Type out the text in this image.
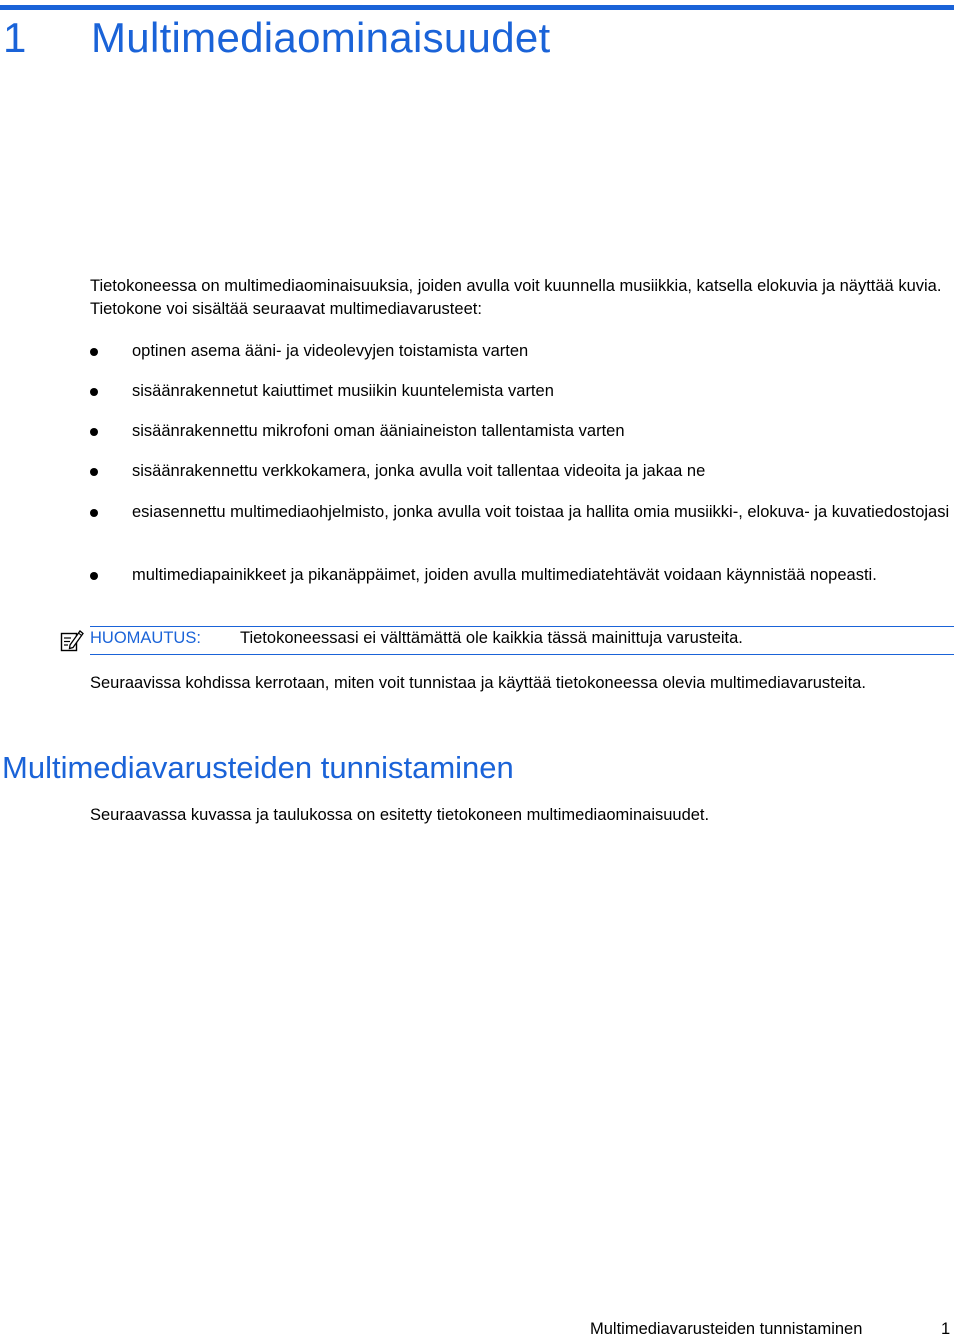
1 Multimediaominaisuudet

Tietokoneessa on multimediaominaisuuksia, joiden avulla voit kuunnella musiikkia, katsella elokuvia ja näyttää kuvia. Tietokone voi sisältää seuraavat multimediavarusteet:

optinen asema ääni- ja videolevyjen toistamista varten
sisäänrakennetut kaiuttimet musiikin kuuntelemista varten
sisäänrakennettu mikrofoni oman ääniaineiston tallentamista varten
sisäänrakennettu verkkokamera, jonka avulla voit tallentaa videoita ja jakaa ne
esiasennettu multimediaohjelmisto, jonka avulla voit toistaa ja hallita omia musiikki-, elokuva- ja kuvatiedostojasi
multimediapainikkeet ja pikanäppäimet, joiden avulla multimediatehtävät voidaan käynnistää nopeasti.
HUOMAUTUS: Tietokoneessasi ei välttämättä ole kaikkia tässä mainittuja varusteita.

Seuraavissa kohdissa kerrotaan, miten voit tunnistaa ja käyttää tietokoneessa olevia multimediavarusteita.

Multimediavarusteiden tunnistaminen

Seuraavassa kuvassa ja taulukossa on esitetty tietokoneen multimediaominaisuudet.

Multimediavarusteiden tunnistaminen	1
